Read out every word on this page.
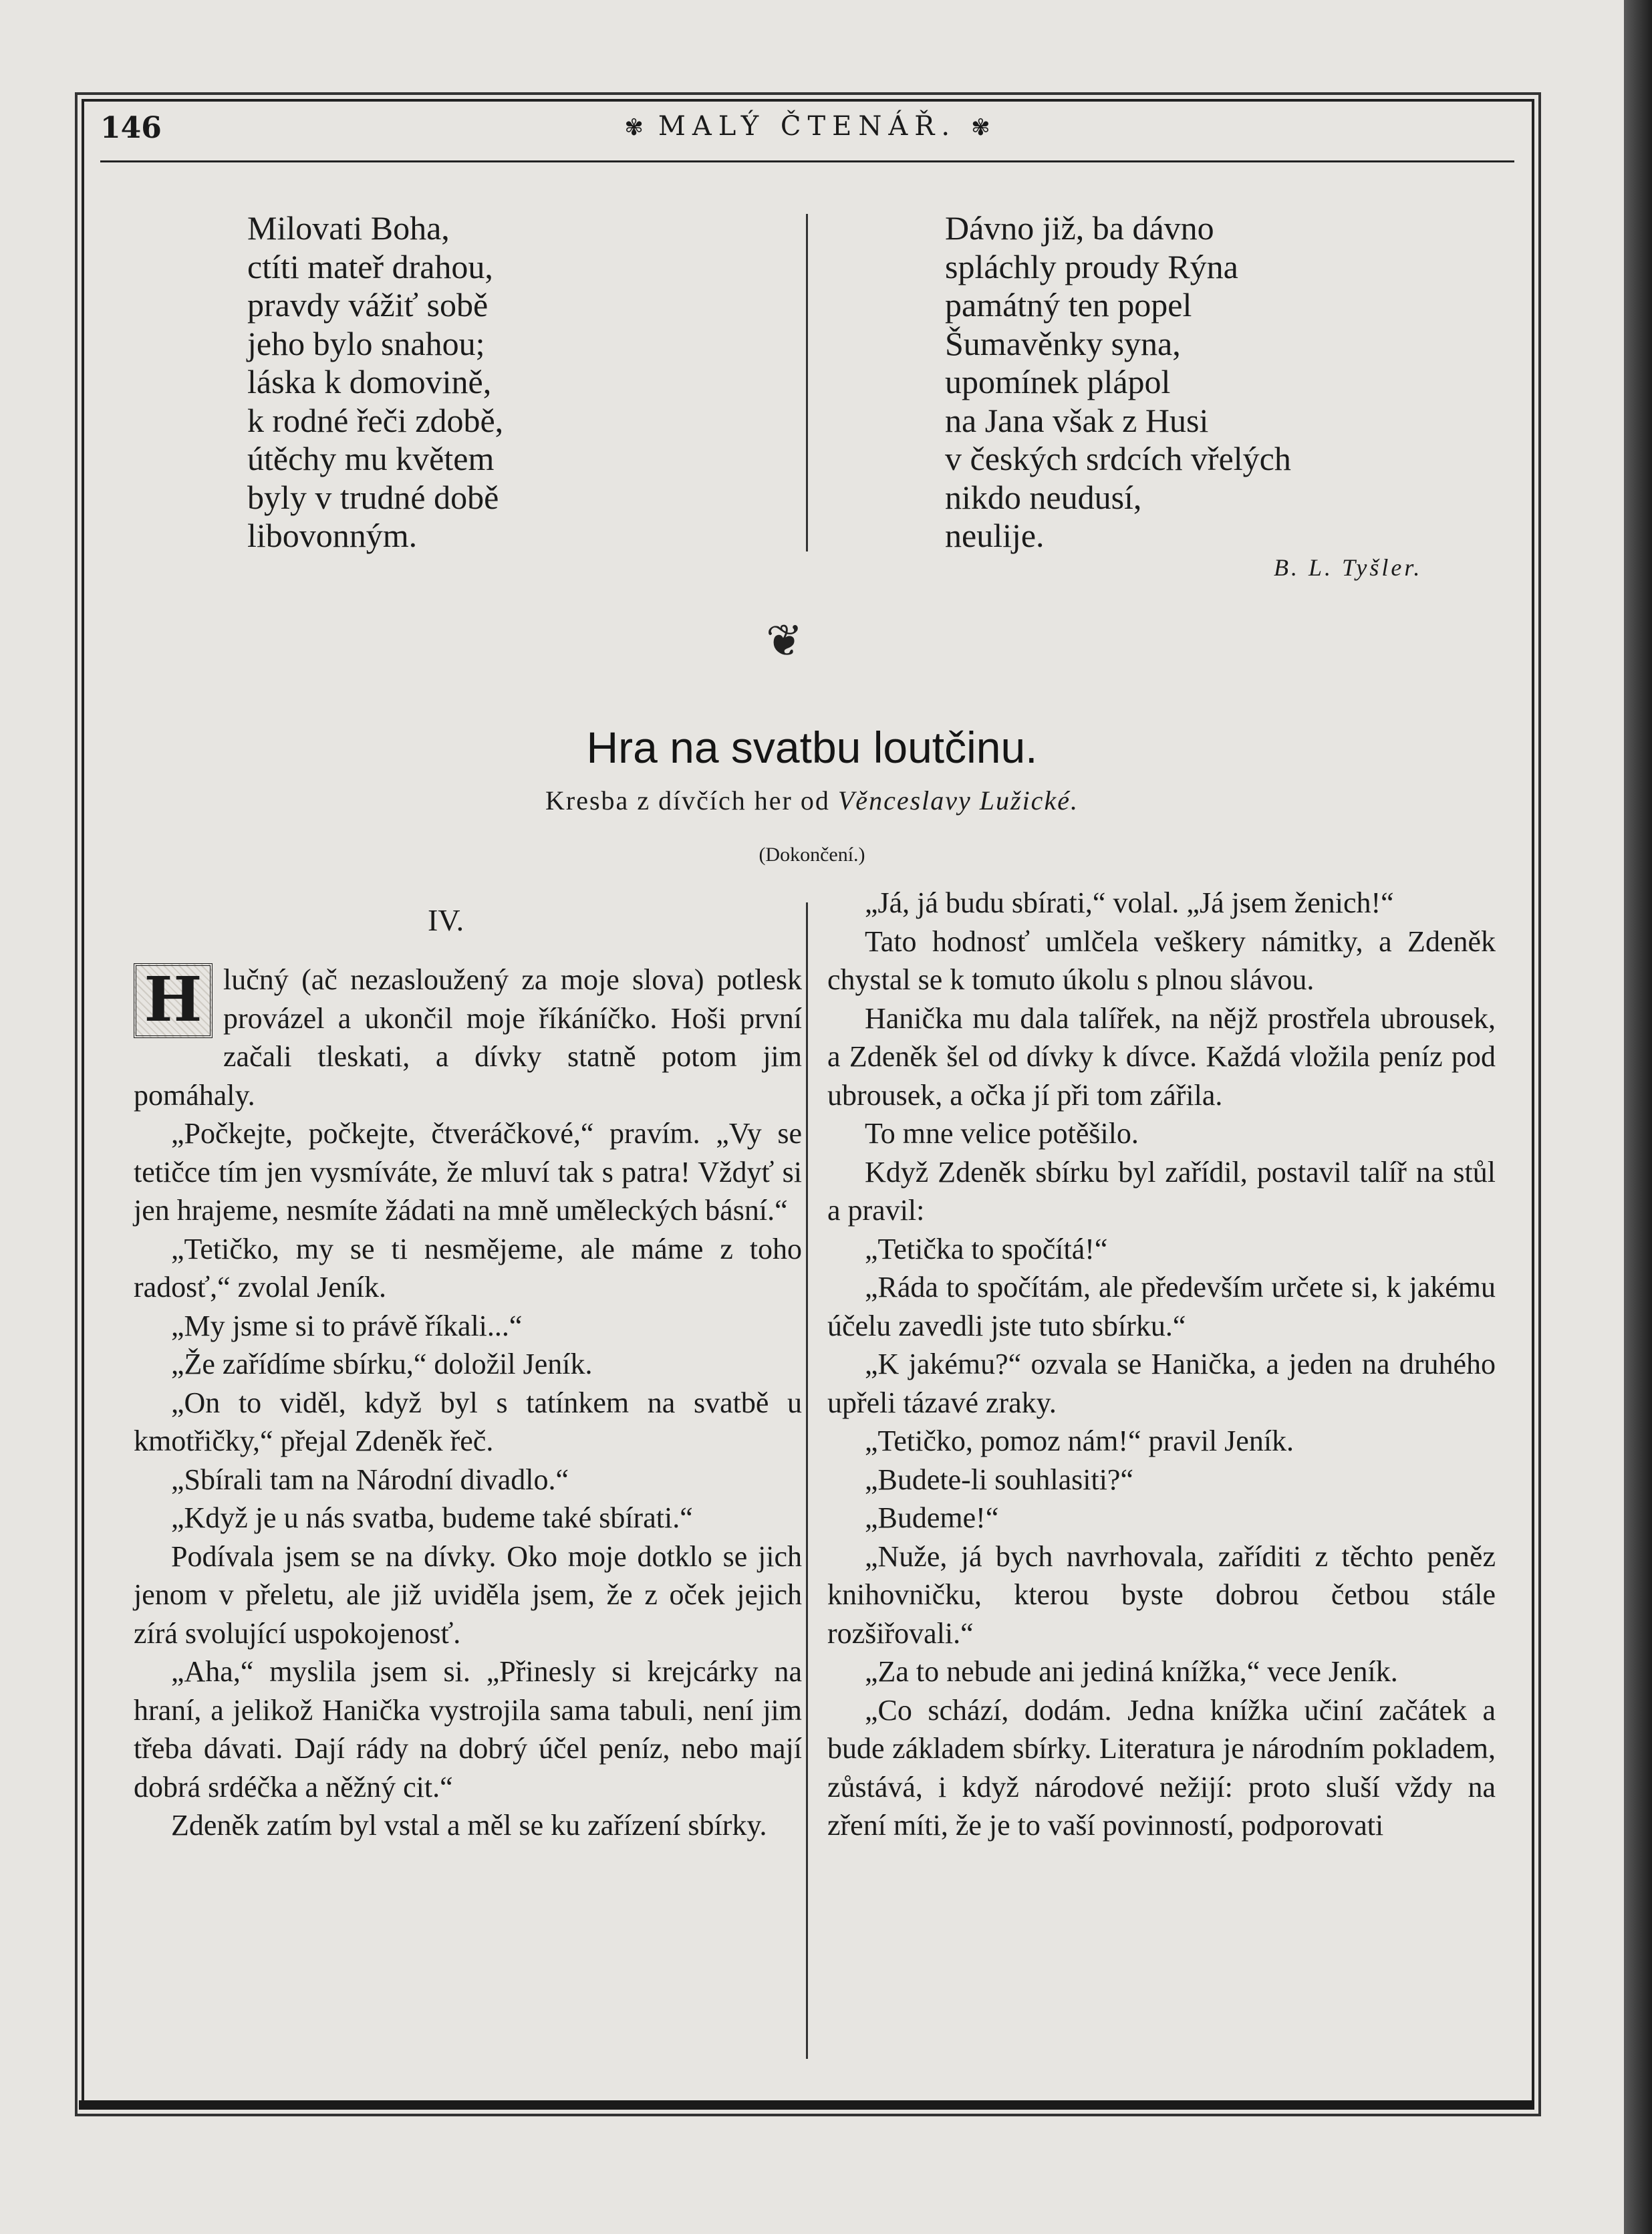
146	✾ MALÝ ČTENÁŘ. ✾
Milovati Boha,
ctíti mateř drahou,
pravdy vážiť sobě
jeho bylo snahou;
láska k domovině,
k rodné řeči zdobě,
útěchy mu květem
byly v trudné době
libovonným.
Dávno již, ba dávno
spláchly proudy Rýna
památný ten popel
Šumavěnky syna,
upomínek plápol
na Jana však z Husi
v českých srdcích vřelých
nikdo neudusí,
neulije.
B. L. Tyšler.
❦
Hra na svatbu loutčinu.
Kresba z dívčích her od Věnceslavy Lužické.
(Dokončení.)
IV.

H lučný (ač nezasloužený za moje slova) potlesk provázel a ukončil moje říkáníčko. Hoši první začali tleskati, a dívky statně potom jim pomáhaly.

„Počkejte, počkejte, čtveráčkové,“ pravím. „Vy se tetičce tím jen vysmíváte, že mluví tak s patra! Vždyť si jen hrajeme, nesmíte žádati na mně uměleckých básní.“

„Tetičko, my se ti nesmějeme, ale máme z toho radosť,“ zvolal Jeník.

„My jsme si to právě říkali...“

„Že zařídíme sbírku,“ doložil Jeník.

„On to viděl, když byl s tatínkem na svatbě u kmotřičky,“ přejal Zdeněk řeč.

„Sbírali tam na Národní divadlo.“

„Když je u nás svatba, budeme také sbírati.“

Podívala jsem se na dívky. Oko moje dotklo se jich jenom v přeletu, ale již uviděla jsem, že z oček jejich zírá svolující uspokojenosť.

„Aha,“ myslila jsem si. „Přinesly si krejcárky na hraní, a jelikož Hanička vystrojila sama tabuli, není jim třeba dávati. Dají rády na dobrý účel peníz, nebo mají dobrá srdéčka a něžný cit.“

Zdeněk zatím byl vstal a měl se ku zařízení sbírky.

„Já, já budu sbírati,“ volal. „Já jsem ženich!“

Tato hodnosť umlčela veškery námitky, a Zdeněk chystal se k tomuto úkolu s plnou slávou.

Hanička mu dala talířek, na nějž prostřela ubrousek, a Zdeněk šel od dívky k dívce. Každá vložila peníz pod ubrousek, a očka jí při tom zářila.

To mne velice potěšilo.

Když Zdeněk sbírku byl zařídil, postavil talíř na stůl a pravil:

„Tetička to spočítá!“

„Ráda to spočítám, ale především určete si, k jakému účelu zavedli jste tuto sbírku.“

„K jakému?“ ozvala se Hanička, a jeden na druhého upřeli tázavé zraky.

„Tetičko, pomoz nám!“ pravil Jeník.

„Budete-li souhlasiti?“

„Budeme!“

„Nuže, já bych navrhovala, zaříditi z těchto peněz knihovničku, kterou byste dobrou četbou stále rozšiřovali.“

„Za to nebude ani jediná knížka,“ vece Jeník.

„Co schází, dodám. Jedna knížka učiní začátek a bude základem sbírky. Literatura je národním pokladem, zůstává, i když národové nežijí: proto sluší vždy na zření míti, že je to vaší povinností, podporovati
